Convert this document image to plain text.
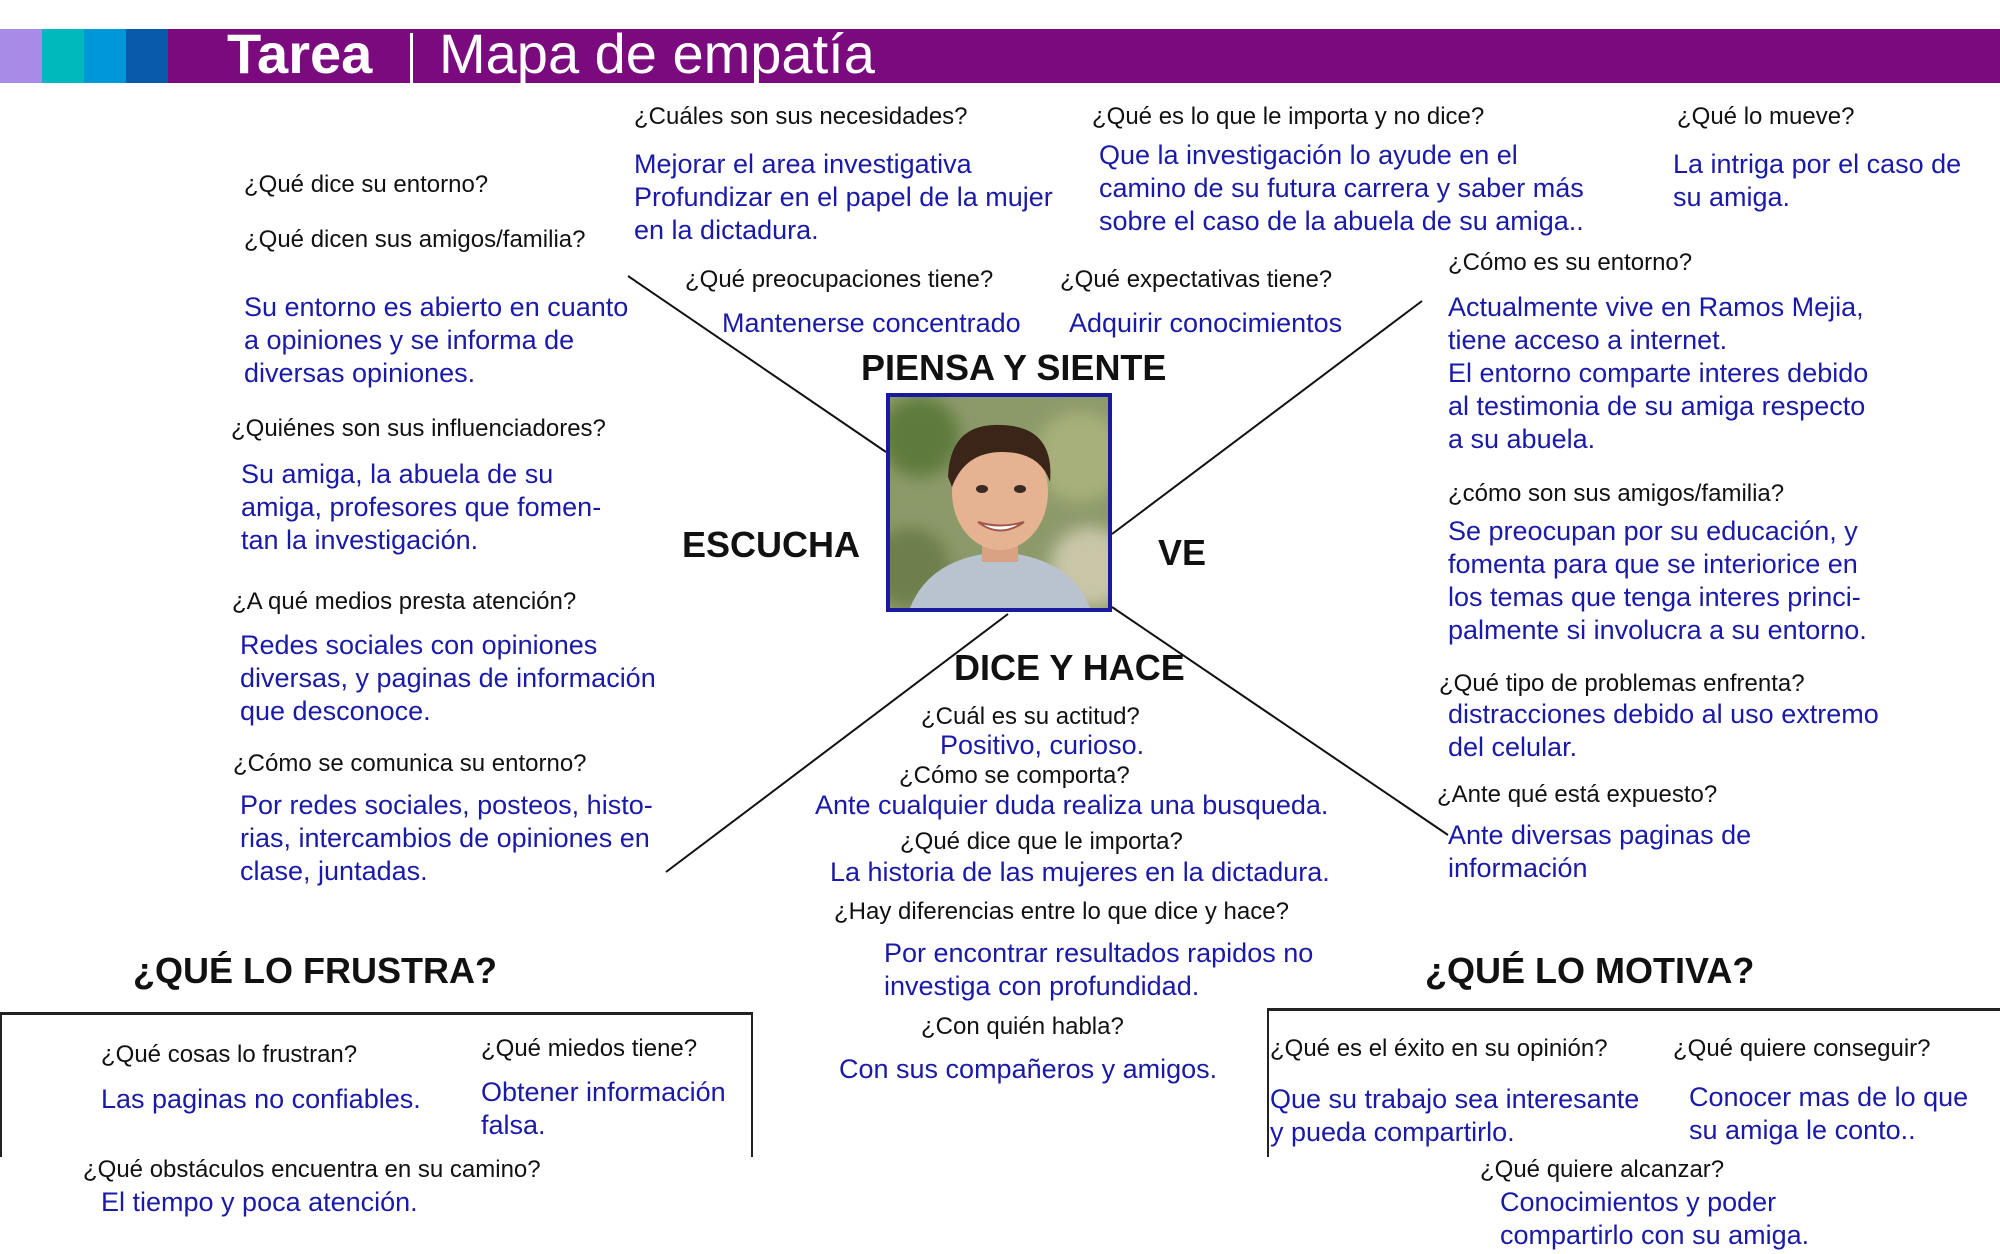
Tarea Mapa de empatía
PIENSA Y SIENTE
ESCUCHA	VE
DICE Y HACE
¿QUÉ LO FRUSTRA?	¿QUÉ LO MOTIVA?
¿Cuáles son sus necesidades?
Mejorar el area investigativa
Profundizar en el papel de la mujer
en la dictadura.
¿Qué es lo que le importa y no dice?
Que la investigación lo ayude en el
camino de su futura carrera y saber más
sobre el caso de la abuela de su amiga..
¿Qué lo mueve?
La intriga por el caso de
su amiga.
¿Qué dice su entorno?
¿Qué dicen sus amigos/familia?
Su entorno es abierto en cuanto
a opiniones y se informa de
diversas opiniones.
¿Qué preocupaciones tiene?
Mantenerse concentrado
¿Qué expectativas tiene?
Adquirir conocimientos
¿Cómo es su entorno?
Actualmente vive en Ramos Mejia,
tiene acceso a internet.
El entorno comparte interes debido
al testimonia de su amiga respecto
a su abuela.
¿Quiénes son sus influenciadores?
Su amiga, la abuela de su
amiga, profesores que fomen-
tan la investigación.
¿cómo son sus amigos/familia?
Se preocupan por su educación, y
fomenta para que se interiorice en
los temas que tenga interes princi-
palmente si involucra a su entorno.
¿A qué medios presta atención?
Redes sociales con opiniones
diversas, y paginas de información
que desconoce.
¿Qué tipo de problemas enfrenta?
distracciones debido al uso extremo
del celular.
¿Cuál es su actitud?
Positivo, curioso.
¿Cómo se comporta?
Ante cualquier duda realiza una busqueda.
¿Cómo se comunica su entorno?
Por redes sociales, posteos, histo-
rias, intercambios de opiniones en
clase, juntadas.
¿Ante qué está expuesto?
Ante diversas paginas de
información
¿Qué dice que le importa?
La historia de las mujeres en la dictadura.
¿Hay diferencias entre lo que dice y hace?
Por encontrar resultados rapidos no
investiga con profundidad.
¿Con quién habla?
Con sus compañeros y amigos.
¿Qué cosas lo frustran?
Las paginas no confiables.
¿Qué miedos tiene?
Obtener información
falsa.
¿Qué obstáculos encuentra en su camino?
El tiempo y poca atención.
¿Qué es el éxito en su opinión?
Que su trabajo sea interesante
y pueda compartirlo.
¿Qué quiere conseguir?
Conocer mas de lo que
su amiga le conto..
¿Qué quiere alcanzar?
Conocimientos y poder
compartirlo con su amiga.
